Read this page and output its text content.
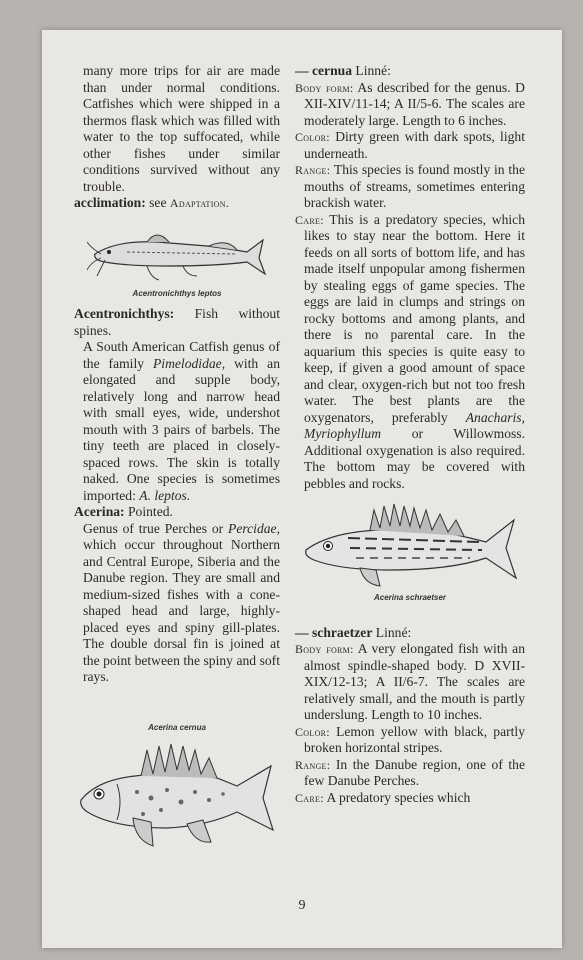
many more trips for air are made than under normal conditions. Catfishes which were shipped in a thermos flask which was filled with water to the top suffocated, while other fishes under similar conditions survived without any trouble.

acclimation: see Adaptation.

Acentronichthys leptos

Acentronichthys: Fish without spines.

A South American Catfish genus of the family Pimelodidae, with an elongated and supple body, relatively long and narrow head with small eyes, wide, undershot mouth with 3 pairs of barbels. The tiny teeth are placed in closely-spaced rows. The skin is totally naked. One species is sometimes imported: A. leptos.

Acerina: Pointed.

Genus of true Perches or Percidae, which occur throughout Northern and Central Europe, Siberia and the Danube region. They are small and medium-sized fishes with a cone-shaped head and large, highly-placed eyes and spiny gill-plates. The double dorsal fin is joined at the point between the spiny and soft rays.

Acerina cernua

— cernua Linné:

Body form: As described for the genus. D XII-XIV/11-14; A II/5-6. The scales are moderately large. Length to 6 inches.

Color: Dirty green with dark spots, light underneath.

Range: This species is found mostly in the mouths of streams, sometimes entering brackish water.

Care: This is a predatory species, which likes to stay near the bottom. Here it feeds on all sorts of bottom life, and has made itself unpopular among fishermen by stealing eggs of game species. The eggs are laid in clumps and strings on rocky bottoms and among plants, and there is no parental care. In the aquarium this species is quite easy to keep, if given a good amount of space and clear, oxygen-rich but not too fresh water. The best plants are the oxygenators, preferably Anacharis, Myriophyllum or Willowmoss. Additional oxygenation is also required. The bottom may be covered with pebbles and rocks.

Acerina schraetser

— schraetzer Linné:

Body form: A very elongated fish with an almost spindle-shaped body. D XVII-XIX/12-13; A II/6-7. The scales are relatively small, and the mouth is partly underslung. Length to 10 inches.

Color: Lemon yellow with black, partly broken horizontal stripes.

Range: In the Danube region, one of the few Danube Perches.

Care: A predatory species which

9
